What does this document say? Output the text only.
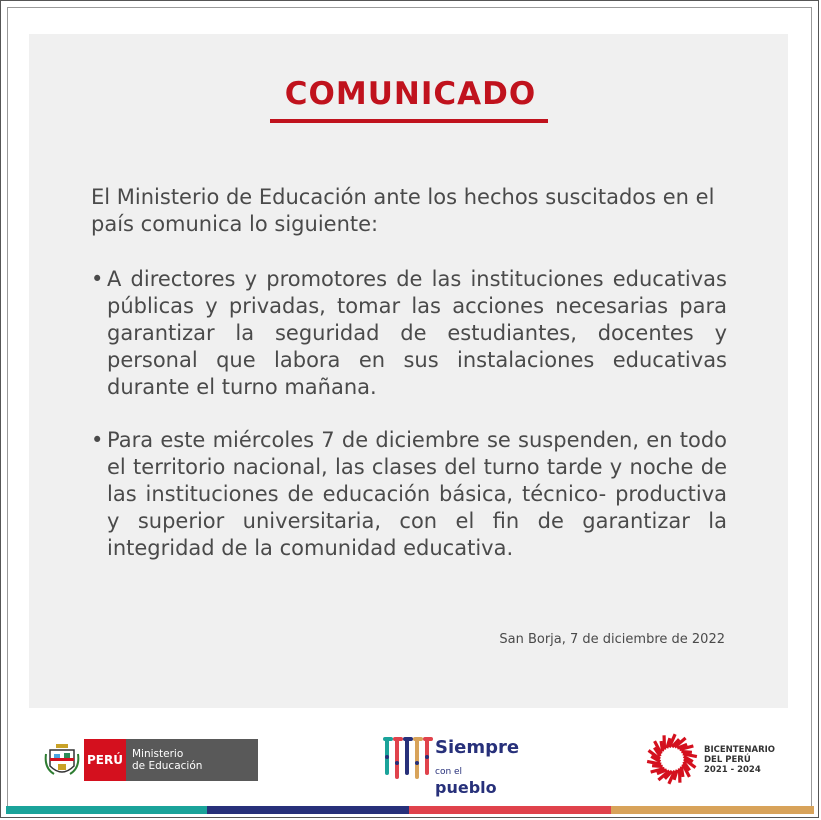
COMUNICADO
El Ministerio de Educación ante los hechos suscitados en el país comunica lo siguiente:
• A directores y promotores de las instituciones educativas públicas y privadas, tomar las acciones necesarias para garantizar la seguridad de estudiantes, docentes y personal que labora en sus instalaciones educativas durante el turno mañana.
• Para este miércoles 7 de diciembre se suspenden, en todo el territorio nacional, las clases del turno tarde y noche de las instituciones de educación básica, técnico- productiva y superior universitaria, con el fin de garantizar la integridad de la comunidad educativa.
San Borja, 7 de diciembre de 2022
PERÚ Ministerio
de Educación
Siempre
con el pueblo
BICENTENARIO
DEL PERÚ
2021 - 2024
